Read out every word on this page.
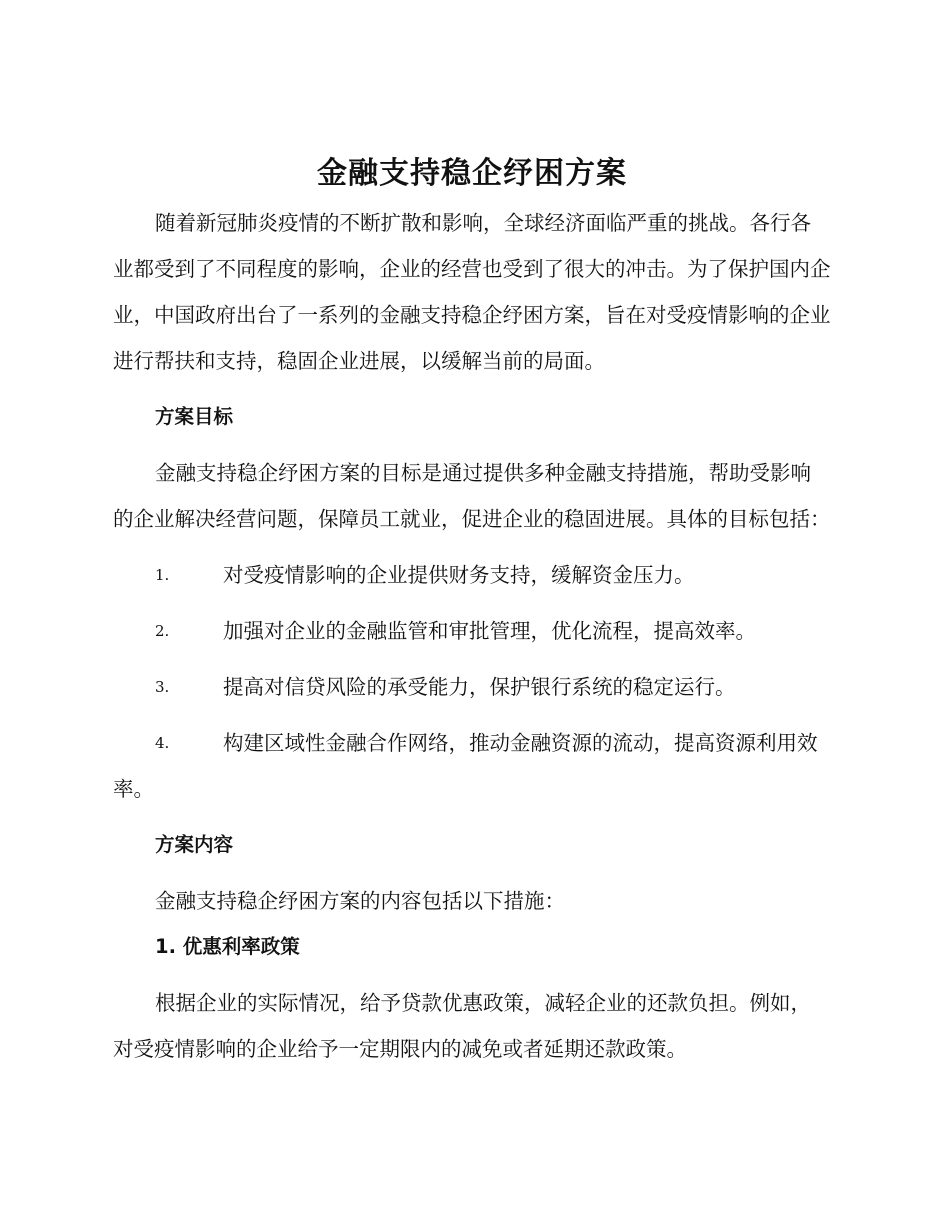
金融支持稳企纾困方案

随着新冠肺炎疫情的不断扩散和影响，全球经济面临严重的挑战。各行各业都受到了不同程度的影响，企业的经营也受到了很大的冲击。为了保护国内企业，中国政府出台了一系列的金融支持稳企纾困方案，旨在对受疫情影响的企业进行帮扶和支持，稳固企业进展，以缓解当前的局面。

方案目标

金融支持稳企纾困方案的目标是通过提供多种金融支持措施，帮助受影响的企业解决经营问题，保障员工就业，促进企业的稳固进展。具体的目标包括：

1.	对受疫情影响的企业提供财务支持，缓解资金压力。

2.	加强对企业的金融监管和审批管理，优化流程，提高效率。

3.	提高对信贷风险的承受能力，保护银行系统的稳定运行。

4.	构建区域性金融合作网络，推动金融资源的流动，提高资源利用效率。

方案内容

金融支持稳企纾困方案的内容包括以下措施：

1. 优惠利率政策

根据企业的实际情况，给予贷款优惠政策，减轻企业的还款负担。例如，对受疫情影响的企业给予一定期限内的减免或者延期还款政策。
